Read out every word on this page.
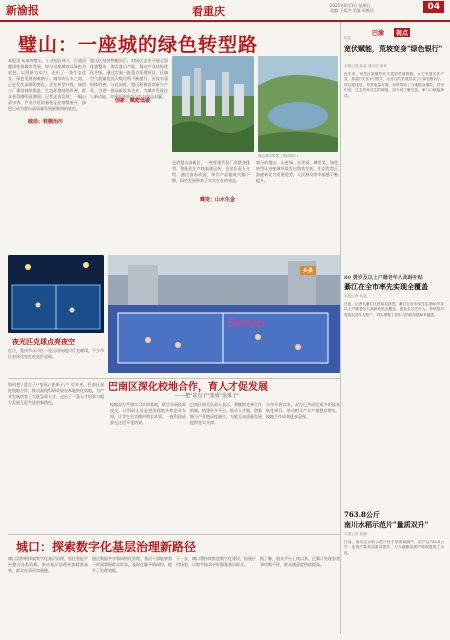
新渝报	看重庆	2025年8月3日 星期日
责编 王邦洪 美编 周艳玲	04
璧山：一座城的绿色转型路
本报讯 从前的璧山，工业园区林立，污染问题困扰着城市发展。如今这座城市以绿色为底色，以创新为动力，走出了一条生态优先、绿色发展的新路子。城市的山水之间，正在发生深刻的变化。企业转型升级，绿色工厂建设持续推进，生态环境持续改善，群众获得感明显增强。记者走访发现，一幅山清水秀、产业兴旺的画卷正在徐徐展开，绿色已成为璧山高质量发展最鲜明的底色。
破局：铁腕治污
璧山区坚持铁腕治污，对园区企业开展全面排查整治，淘汰落后产能，推动产业结构优化升级。通过实施一批重点治理项目，区域空气质量优良天数比例不断提升，河流水质持续改善。与此同时，璧山积极培育新兴产业，引进一批高新技术企业，为城市发展注入新动能，实现经济效益与生态效益双赢。
创新：赋能低碳
璧山城市风景（资料图片）
走进璧山高新区，一座座现代化厂房整齐排列，智能化生产线高速运转。企业负责人介绍，通过技术改造，单位产品能耗大幅下降，绿色发展带来了实实在在的效益。
蝶变：山水生金
如今的璧山，山更绿、水更清、城更美。绿色转型让这座城市焕发出勃勃生机，生态优势正加速转化为发展优势，人民群众的幸福感不断提升。
Bishan
头条
夜光匹克球点亮夜空
近日，重庆市永川区一处运动场地内灯光璀璨，不少市民来到这里打夜光匹克球。
巴南区深化校地合作，育人才促发展
——把"盆点子"变成"金果子"
如何把\"盆点子\"变成\"金果子\"？近年来，巴南区深化校地合作，推动高校科研成果在本地转化落地，为产业发展培育了大批急需人才，走出了一条人才培养与地方发展互促共进的新路径。	校地双方共建实习实训基地，联合开展技术攻关，让科研人员走进田间地头和企业车间，让学生在实践中增长本领。一批科技成果在这里开花结果。
巴南区相关负责人表示，将继续完善合作机制，搭建更多平台，推动人才链、创新链与产业链深度融合，为地方高质量发展提供坚实支撑。
合作开展以来，双方已共同完成多项技术转化项目，带动相关产业产值稳步增长，校地合作成效逐步显现。
城口：探索数字化基层治理新路径
城口县积极探索数字化基层治理，依托智能平台整合各类资源，推动基层治理更加精准高效，群众办事更加便捷。
通过数据共享和网格化管理，基层干部能够第一时间掌握群众诉求，及时化解矛盾纠纷，提升了治理效能。
下一步，城口将持续推进数字化建设，拓展应用场景，让数字技术更好服务基层群众。
据了解，相关平台上线以来，已累计处理各类事项数千件，群众满意度持续提高。
巴渝	视点
综述
宽伏赋能，荒坡变身"绿色银行"
本报记者 某某 通讯员 某某
近年来，荣昌区某镇依托丰富的荒坡资源，大力发展光伏产业，探索\"光伏+\"模式，让昔日的荒坡变成了\"绿色银行\"。项目建成后，年发电量可观，有效带动了当地群众增收。村民们说，过去荒草丛生的坡地，如今成了聚宝盆，家门口就能挣钱。
80 费岁及以上户籍老年人高龄补贴
綦江在全市率先实现全覆盖
本报记者 某某
日前，记者从綦江区民政局获悉，綦江在全市率先实现80岁及以上户籍老年人高龄补贴全覆盖，惠及全区老年人。补贴按月发放至老年人账户，切实增强了老年人的获得感和幸福感。
763.8公斤
南川水稻示范片"量质双升"
本报记者 某某
日前，南川区水稻示范片经专家现场测产，亩产达763.8公斤，实现产量和品质双提升，为当地粮食增产增收提供了示范。
